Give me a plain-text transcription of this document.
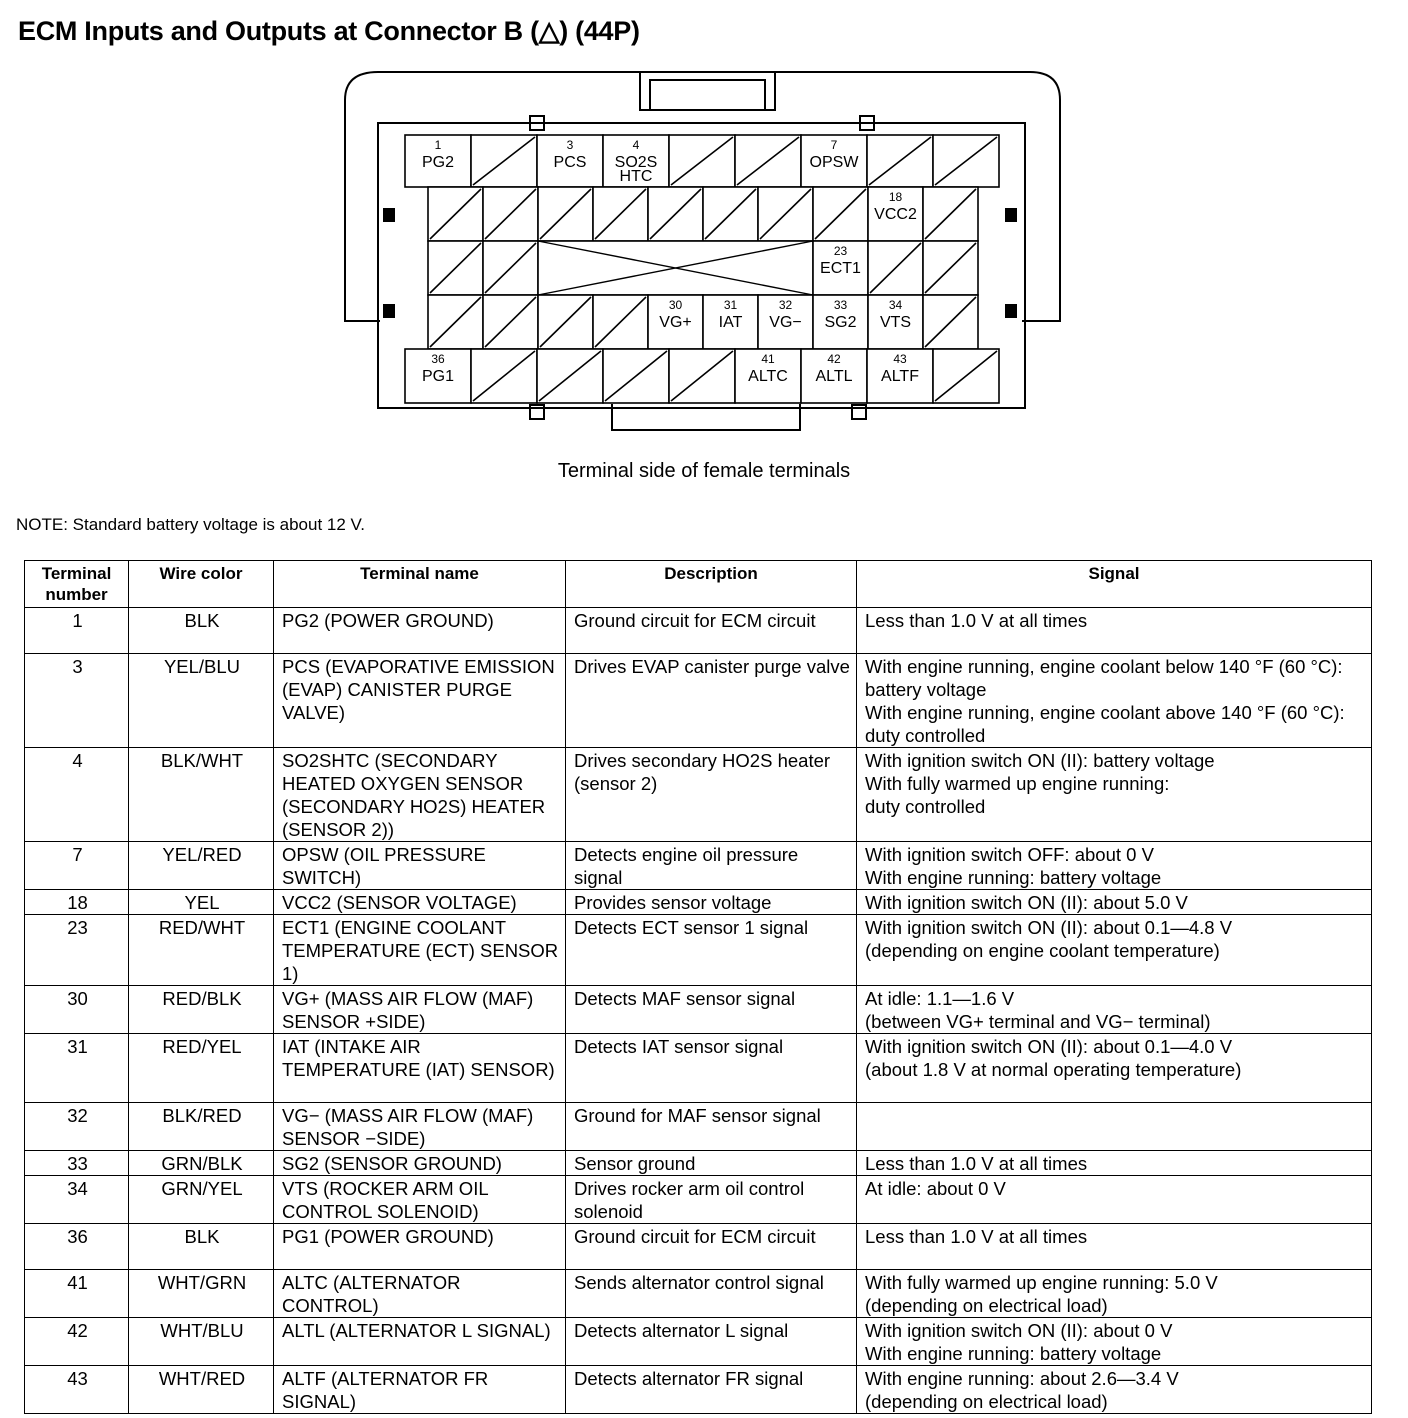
ECM Inputs and Outputs at Connector B (△) (44P)
1
PG2
3
PCS
4
SO2S
HTC
7
OPSW
18
VCC2
23
ECT1
30
VG+
31
IAT
32
VG−
33
SG2
34
VTS
36
PG1
41
ALTC
42
ALTL
43
ALTF
Terminal side of female terminals
NOTE: Standard battery voltage is about 12 V.
Terminal number	Wire color	Terminal name	Description	Signal
1	BLK	PG2 (POWER GROUND)	Ground circuit for ECM circuit	Less than 1.0 V at all times
3	YEL/BLU	PCS (EVAPORATIVE EMISSION (EVAP) CANISTER PURGE VALVE)	Drives EVAP canister purge valve	With engine running, engine coolant below 140 °F (60 °C): battery voltage
With engine running, engine coolant above 140 °F (60 °C): duty controlled
4	BLK/WHT	SO2SHTC (SECONDARY HEATED OXYGEN SENSOR (SECONDARY HO2S) HEATER (SENSOR 2))	Drives secondary HO2S heater (sensor 2)	With ignition switch ON (II): battery voltage
With fully warmed up engine running:
duty controlled
7	YEL/RED	OPSW (OIL PRESSURE SWITCH)	Detects engine oil pressure signal	With ignition switch OFF: about 0 V
With engine running: battery voltage
18	YEL	VCC2 (SENSOR VOLTAGE)	Provides sensor voltage	With ignition switch ON (II): about 5.0 V
23	RED/WHT	ECT1 (ENGINE COOLANT TEMPERATURE (ECT) SENSOR 1)	Detects ECT sensor 1 signal	With ignition switch ON (II): about 0.1—4.8 V
(depending on engine coolant temperature)
30	RED/BLK	VG+ (MASS AIR FLOW (MAF) SENSOR +SIDE)	Detects MAF sensor signal	At idle: 1.1—1.6 V
(between VG+ terminal and VG− terminal)
31	RED/YEL	IAT (INTAKE AIR TEMPERATURE (IAT) SENSOR)	Detects IAT sensor signal	With ignition switch ON (II): about 0.1—4.0 V
(about 1.8 V at normal operating temperature)
32	BLK/RED	VG− (MASS AIR FLOW (MAF) SENSOR −SIDE)	Ground for MAF sensor signal	
33	GRN/BLK	SG2 (SENSOR GROUND)	Sensor ground	Less than 1.0 V at all times
34	GRN/YEL	VTS (ROCKER ARM OIL CONTROL SOLENOID)	Drives rocker arm oil control solenoid	At idle: about 0 V
36	BLK	PG1 (POWER GROUND)	Ground circuit for ECM circuit	Less than 1.0 V at all times
41	WHT/GRN	ALTC (ALTERNATOR CONTROL)	Sends alternator control signal	With fully warmed up engine running: 5.0 V
(depending on electrical load)
42	WHT/BLU	ALTL (ALTERNATOR L SIGNAL)	Detects alternator L signal	With ignition switch ON (II): about 0 V
With engine running: battery voltage
43	WHT/RED	ALTF (ALTERNATOR FR SIGNAL)	Detects alternator FR signal	With engine running: about 2.6—3.4 V
(depending on electrical load)
